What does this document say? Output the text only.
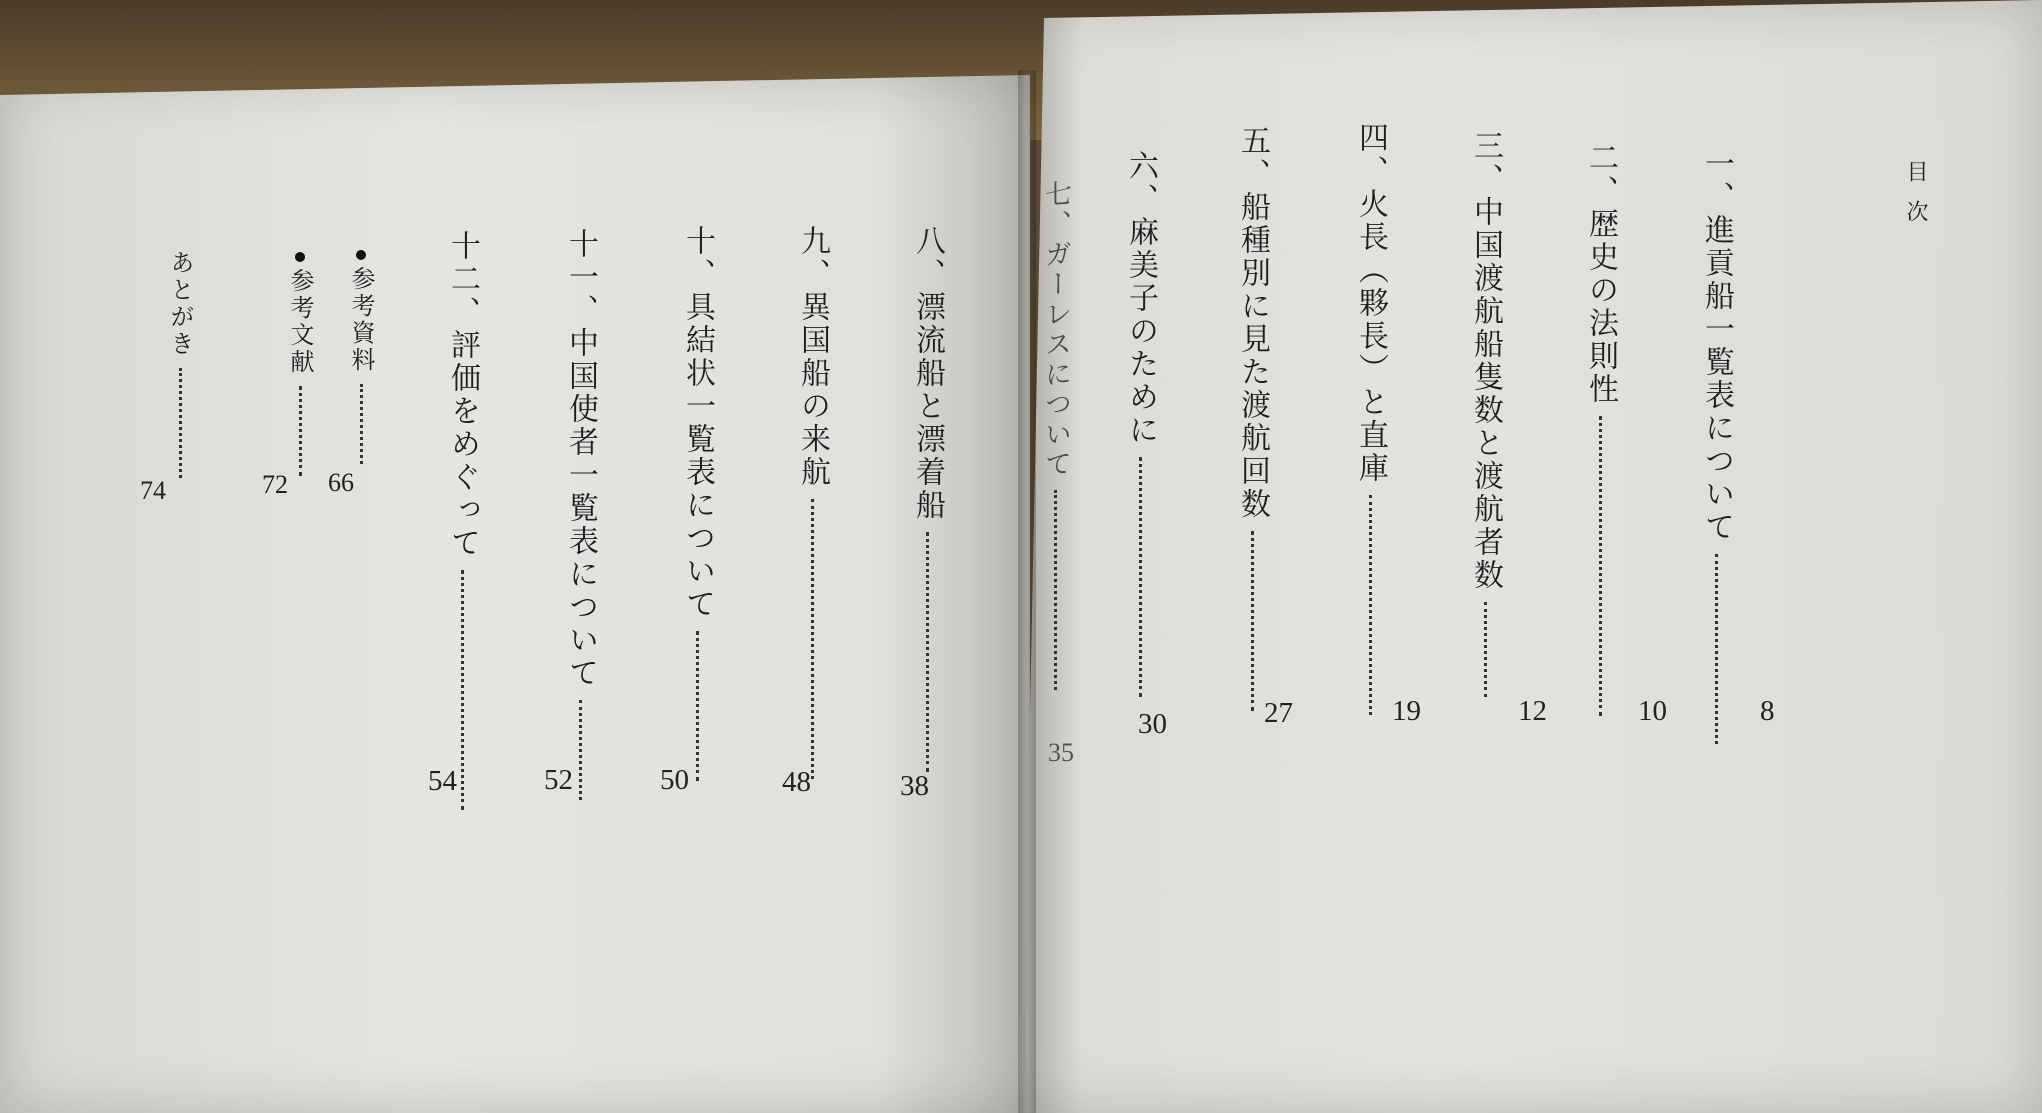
目次
一、進貢船一覧表について
8
二、歴史の法則性
10
三、中国渡航船隻数と渡航者数
12
四、火長（夥長）と直庫
19
五、船種別に見た渡航回数
27
六、麻美子のために
30
七、ガーレスについて
35
八、漂流船と漂着船
38
九、異国船の来航
48
十、具結状一覧表について
50
十一、中国使者一覧表について
52
十二、評価をめぐって
54
参考資料
66
参考文献
72
あとがき
74
